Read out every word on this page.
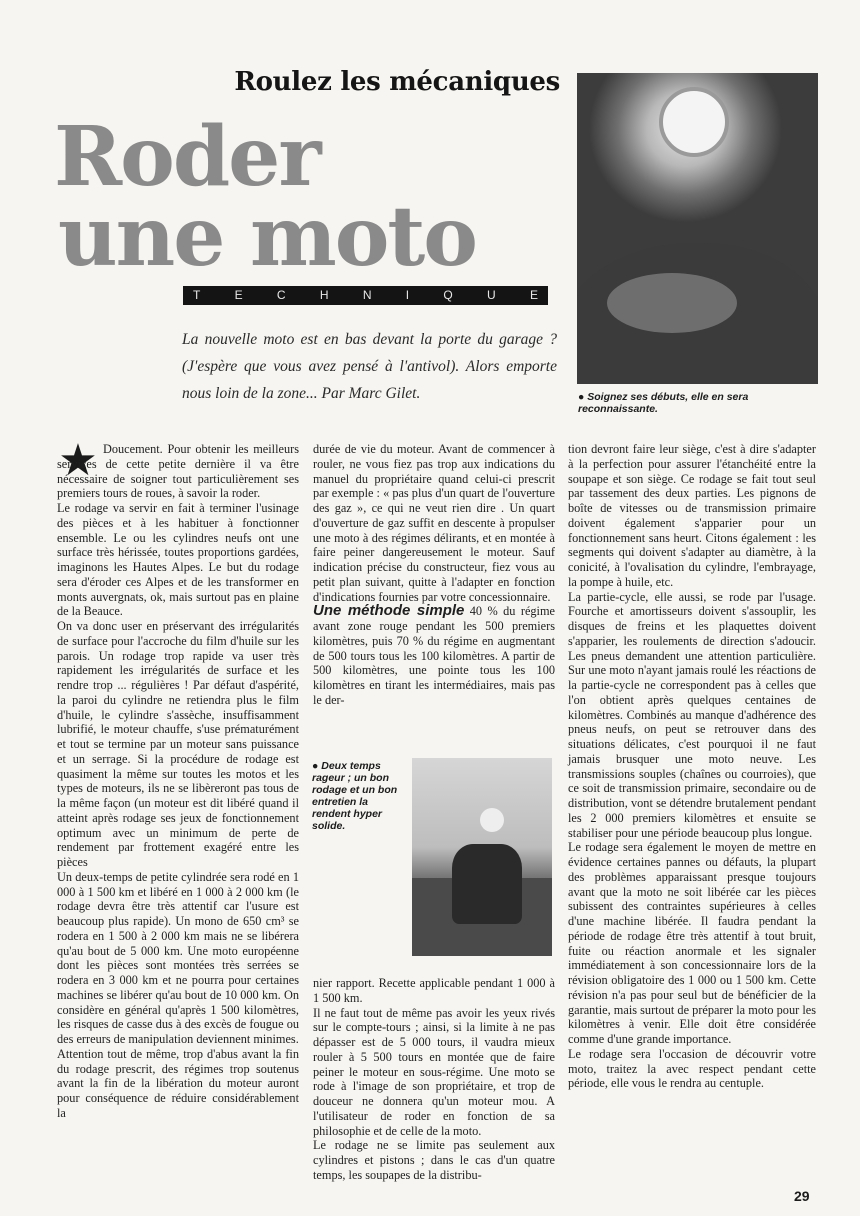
Roulez les mécaniques
Roder
une moto
T	E	C	H	N	I	Q	U	E
La nouvelle moto est en bas devant la porte du garage ? (J'espère que vous avez pensé à l'antivol). Alors emporte nous loin de la zone... Par Marc Gilet.	● Soignez ses débuts, elle en sera reconnaissante.
● Deux temps rageur ; un bon rodage et un bon entretien la rendent hyper solide.
★ Doucement. Pour obtenir les meilleurs services de cette petite dernière il va être nécessaire de soigner tout particulièrement ses premiers tours de roues, à savoir la roder.

Le rodage va servir en fait à terminer l'usinage des pièces et à les habituer à fonctionner ensemble. Le ou les cylindres neufs ont une surface très hérissée, toutes proportions gardées, imaginons les Hautes Alpes. Le but du rodage sera d'éroder ces Alpes et de les transformer en monts auvergnats, ok, mais surtout pas en plaine de la Beauce.

On va donc user en préservant des irrégularités de surface pour l'accroche du film d'huile sur les parois. Un rodage trop rapide va user très rapidement les irrégularités de surface et les rendre trop ... régulières ! Par défaut d'aspérité, la paroi du cylindre ne retiendra plus le film d'huile, le cylindre s'assèche, insuffisamment lubrifié, le moteur chauffe, s'use prématurément et tout se termine par un moteur sans puissance et un serrage. Si la procédure de rodage est quasiment la même sur toutes les motos et les types de moteurs, ils ne se libèreront pas tous de la même façon (un moteur est dit libéré quand il atteint après rodage ses jeux de fonctionnement optimum avec un minimum de perte de rendement par frottement exagéré entre les pièces

Un deux-temps de petite cylindrée sera rodé en 1 000 à 1 500 km et libéré en 1 000 à 2 000 km (le rodage devra être très attentif car l'usure est beaucoup plus rapide). Un mono de 650 cm³ se rodera en 1 500 à 2 000 km mais ne se libérera qu'au bout de 5 000 km. Une moto européenne dont les pièces sont montées très serrées se rodera en 3 000 km et ne pourra pour certaines machines se libérer qu'au bout de 10 000 km. On considère en général qu'après 1 500 kilomètres, les risques de casse dus à des excès de fougue ou des erreurs de manipulation deviennent minimes.

Attention tout de même, trop d'abus avant la fin du rodage prescrit, des régimes trop soutenus avant la fin de la libération du moteur auront pour conséquence de réduire considérablement la

durée de vie du moteur. Avant de commencer à rouler, ne vous fiez pas trop aux indications du manuel du propriétaire quand celui-ci prescrit par exemple : « pas plus d'un quart de l'ouverture des gaz », ce qui ne veut rien dire . Un quart d'ouverture de gaz suffit en descente à propulser une moto à des régimes délirants, et en montée à faire peiner dangereusement le moteur. Sauf indication précise du constructeur, fiez vous au petit plan suivant, quitte à l'adapter en fonction d'indications fournies par votre concessionnaire.

Une méthode simple 40 % du régime avant zone rouge pendant les 500 premiers kilomètres, puis 70 % du régime en augmentant de 500 tours tous les 100 kilomètres. A partir de 500 kilomètres, une pointe tous les 100 kilomètres en tirant les intermédiaires, mais pas le der-

nier rapport. Recette applicable pendant 1 000 à 1 500 km.

Il ne faut tout de même pas avoir les yeux rivés sur le compte-tours ; ainsi, si la limite à ne pas dépasser est de 5 000 tours, il vaudra mieux rouler à 5 500 tours en montée que de faire peiner le moteur en sous-régime. Une moto se rode à l'image de son propriétaire, et trop de douceur ne donnera qu'un moteur mou. A l'utilisateur de roder en fonction de sa philosophie et de celle de la moto.

Le rodage ne se limite pas seulement aux cylindres et pistons ; dans le cas d'un quatre temps, les soupapes de la distribu-

tion devront faire leur siège, c'est à dire s'adapter à la perfection pour assurer l'étanchéité entre la soupape et son siège. Ce rodage se fait tout seul par tassement des deux parties. Les pignons de boîte de vitesses ou de transmission primaire doivent également s'apparier pour un fonctionnement sans heurt. Citons également : les segments qui doivent s'adapter au diamètre, à la conicité, à l'ovalisation du cylindre, l'embrayage, la pompe à huile, etc.

La partie-cycle, elle aussi, se rode par l'usage. Fourche et amortisseurs doivent s'assouplir, les disques de freins et les plaquettes doivent s'apparier, les roulements de direction s'adoucir. Les pneus demandent une attention particulière. Sur une moto n'ayant jamais roulé les réactions de la partie-cycle ne correspondent pas à celles que l'on obtient après quelques centaines de kilomètres. Combinés au manque d'adhérence des pneus neufs, on peut se retrouver dans des situations délicates, c'est pourquoi il ne faut jamais brusquer une moto neuve. Les transmissions souples (chaînes ou courroies), que ce soit de transmission primaire, secondaire ou de distribution, vont se détendre brutalement pendant les 2 000 premiers kilomètres et ensuite se stabiliser pour une période beaucoup plus longue.

Le rodage sera également le moyen de mettre en évidence certaines pannes ou défauts, la plupart des problèmes apparaissant presque toujours avant que la moto ne soit libérée car les pièces subissent des contraintes supérieures à celles d'une machine libérée. Il faudra pendant la période de rodage être très attentif à tout bruit, fuite ou réaction anormale et les signaler immédiatement à son concessionnaire lors de la révision obligatoire des 1 000 ou 1 500 km. Cette révision n'a pas pour seul but de bénéficier de la garantie, mais surtout de préparer la moto pour les kilomètres à venir. Elle doit être considérée comme d'une grande importance.

Le rodage sera l'occasion de découvrir votre moto, traitez la avec respect pendant cette période, elle vous le rendra au centuple.

29
